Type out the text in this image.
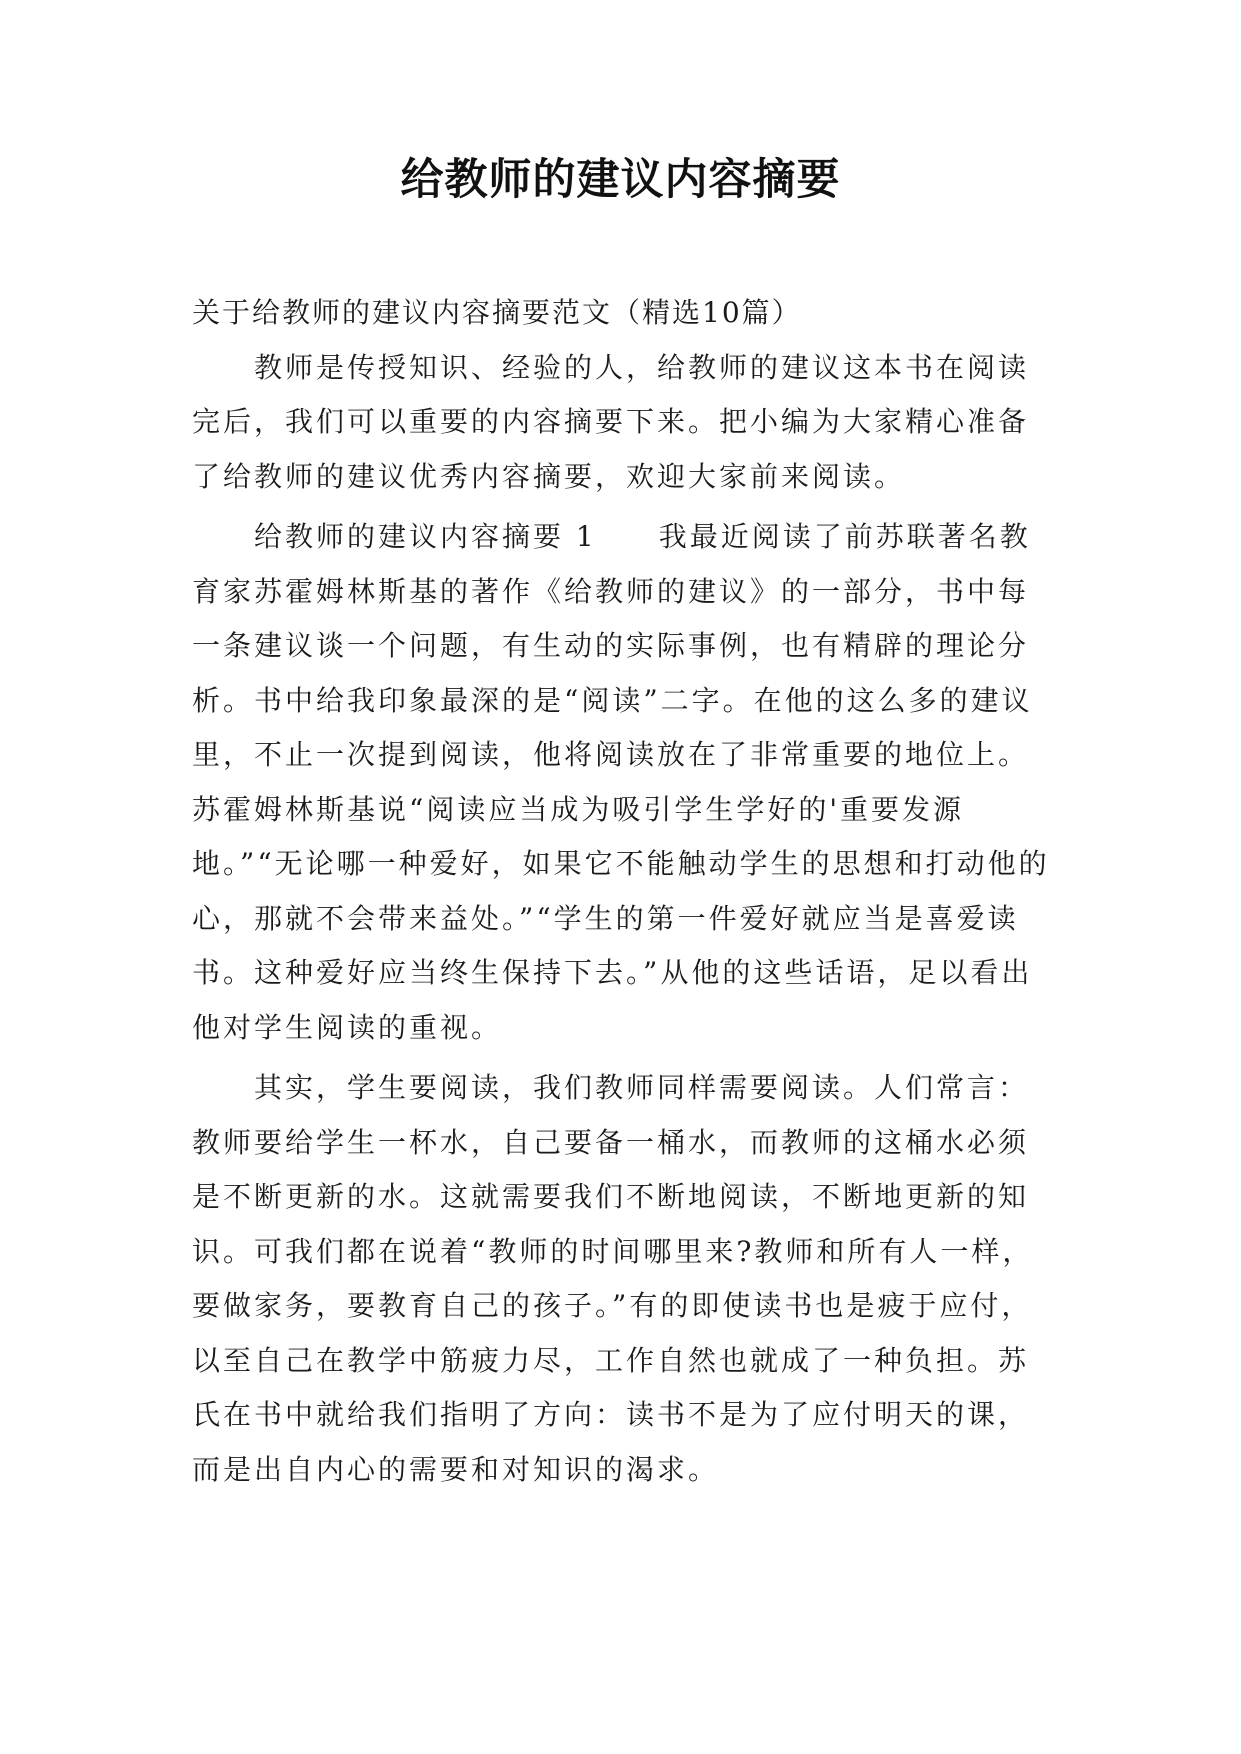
给教师的建议内容摘要

关于给教师的建议内容摘要范文（精选10篇）

教师是传授知识、经验的人，给教师的建议这本书在阅读完后，我们可以重要的内容摘要下来。把小编为大家精心准备了给教师的建议优秀内容摘要，欢迎大家前来阅读。

给教师的建议内容摘要 1　　我最近阅读了前苏联著名教育家苏霍姆林斯基的著作《给教师的建议》的一部分，书中每一条建议谈一个问题，有生动的实际事例，也有精辟的理论分析。书中给我印象最深的是“阅读”二字。在他的这么多的建议里，不止一次提到阅读，他将阅读放在了非常重要的地位上。苏霍姆林斯基说“阅读应当成为吸引学生学好的'重要发源地。”“无论哪一种爱好，如果它不能触动学生的思想和打动他的心，那就不会带来益处。”“学生的第一件爱好就应当是喜爱读书。这种爱好应当终生保持下去。”从他的这些话语，足以看出他对学生阅读的重视。

其实，学生要阅读，我们教师同样需要阅读。人们常言：教师要给学生一杯水，自己要备一桶水，而教师的这桶水必须是不断更新的水。这就需要我们不断地阅读，不断地更新的知识。可我们都在说着“教师的时间哪里来?教师和所有人一样，要做家务，要教育自己的孩子。”有的即使读书也是疲于应付，以至自己在教学中筋疲力尽，工作自然也就成了一种负担。苏氏在书中就给我们指明了方向：读书不是为了应付明天的课，而是出自内心的需要和对知识的渴求。
